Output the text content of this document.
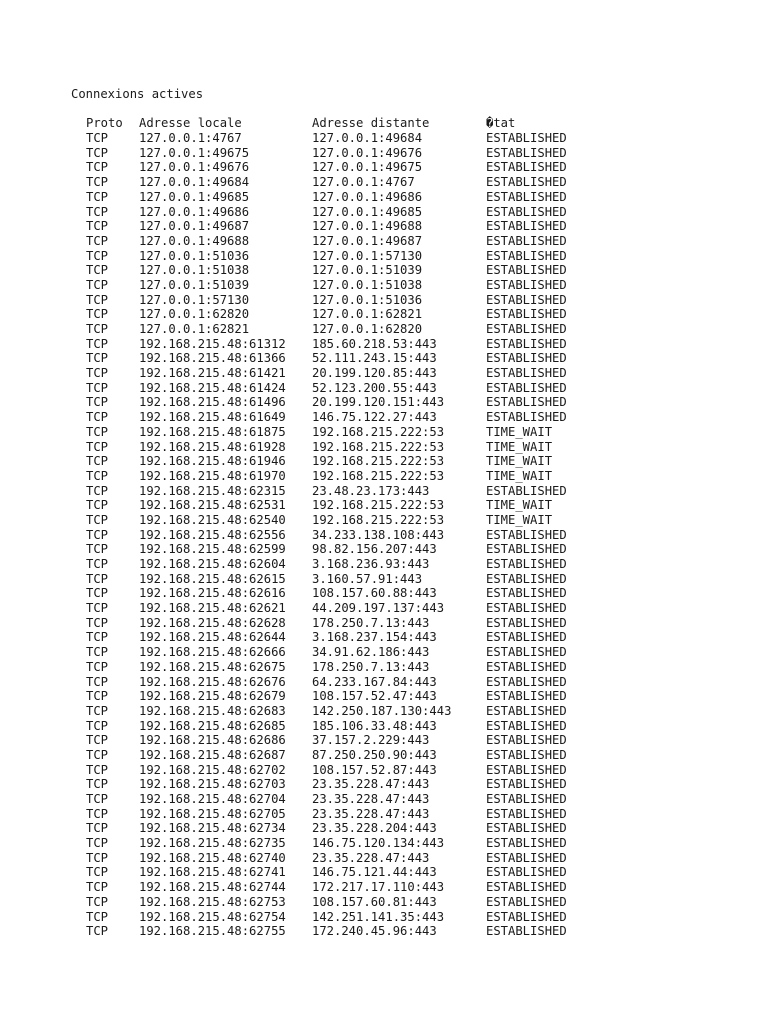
Connexions actives
Proto	Adresse locale	Adresse distante	�tat
TCP	127.0.0.1:4767	127.0.0.1:49684	ESTABLISHED
TCP	127.0.0.1:49675	127.0.0.1:49676	ESTABLISHED
TCP	127.0.0.1:49676	127.0.0.1:49675	ESTABLISHED
TCP	127.0.0.1:49684	127.0.0.1:4767	ESTABLISHED
TCP	127.0.0.1:49685	127.0.0.1:49686	ESTABLISHED
TCP	127.0.0.1:49686	127.0.0.1:49685	ESTABLISHED
TCP	127.0.0.1:49687	127.0.0.1:49688	ESTABLISHED
TCP	127.0.0.1:49688	127.0.0.1:49687	ESTABLISHED
TCP	127.0.0.1:51036	127.0.0.1:57130	ESTABLISHED
TCP	127.0.0.1:51038	127.0.0.1:51039	ESTABLISHED
TCP	127.0.0.1:51039	127.0.0.1:51038	ESTABLISHED
TCP	127.0.0.1:57130	127.0.0.1:51036	ESTABLISHED
TCP	127.0.0.1:62820	127.0.0.1:62821	ESTABLISHED
TCP	127.0.0.1:62821	127.0.0.1:62820	ESTABLISHED
TCP	192.168.215.48:61312	185.60.218.53:443	ESTABLISHED
TCP	192.168.215.48:61366	52.111.243.15:443	ESTABLISHED
TCP	192.168.215.48:61421	20.199.120.85:443	ESTABLISHED
TCP	192.168.215.48:61424	52.123.200.55:443	ESTABLISHED
TCP	192.168.215.48:61496	20.199.120.151:443	ESTABLISHED
TCP	192.168.215.48:61649	146.75.122.27:443	ESTABLISHED
TCP	192.168.215.48:61875	192.168.215.222:53	TIME_WAIT
TCP	192.168.215.48:61928	192.168.215.222:53	TIME_WAIT
TCP	192.168.215.48:61946	192.168.215.222:53	TIME_WAIT
TCP	192.168.215.48:61970	192.168.215.222:53	TIME_WAIT
TCP	192.168.215.48:62315	23.48.23.173:443	ESTABLISHED
TCP	192.168.215.48:62531	192.168.215.222:53	TIME_WAIT
TCP	192.168.215.48:62540	192.168.215.222:53	TIME_WAIT
TCP	192.168.215.48:62556	34.233.138.108:443	ESTABLISHED
TCP	192.168.215.48:62599	98.82.156.207:443	ESTABLISHED
TCP	192.168.215.48:62604	3.168.236.93:443	ESTABLISHED
TCP	192.168.215.48:62615	3.160.57.91:443	ESTABLISHED
TCP	192.168.215.48:62616	108.157.60.88:443	ESTABLISHED
TCP	192.168.215.48:62621	44.209.197.137:443	ESTABLISHED
TCP	192.168.215.48:62628	178.250.7.13:443	ESTABLISHED
TCP	192.168.215.48:62644	3.168.237.154:443	ESTABLISHED
TCP	192.168.215.48:62666	34.91.62.186:443	ESTABLISHED
TCP	192.168.215.48:62675	178.250.7.13:443	ESTABLISHED
TCP	192.168.215.48:62676	64.233.167.84:443	ESTABLISHED
TCP	192.168.215.48:62679	108.157.52.47:443	ESTABLISHED
TCP	192.168.215.48:62683	142.250.187.130:443	ESTABLISHED
TCP	192.168.215.48:62685	185.106.33.48:443	ESTABLISHED
TCP	192.168.215.48:62686	37.157.2.229:443	ESTABLISHED
TCP	192.168.215.48:62687	87.250.250.90:443	ESTABLISHED
TCP	192.168.215.48:62702	108.157.52.87:443	ESTABLISHED
TCP	192.168.215.48:62703	23.35.228.47:443	ESTABLISHED
TCP	192.168.215.48:62704	23.35.228.47:443	ESTABLISHED
TCP	192.168.215.48:62705	23.35.228.47:443	ESTABLISHED
TCP	192.168.215.48:62734	23.35.228.204:443	ESTABLISHED
TCP	192.168.215.48:62735	146.75.120.134:443	ESTABLISHED
TCP	192.168.215.48:62740	23.35.228.47:443	ESTABLISHED
TCP	192.168.215.48:62741	146.75.121.44:443	ESTABLISHED
TCP	192.168.215.48:62744	172.217.17.110:443	ESTABLISHED
TCP	192.168.215.48:62753	108.157.60.81:443	ESTABLISHED
TCP	192.168.215.48:62754	142.251.141.35:443	ESTABLISHED
TCP	192.168.215.48:62755	172.240.45.96:443	ESTABLISHED
